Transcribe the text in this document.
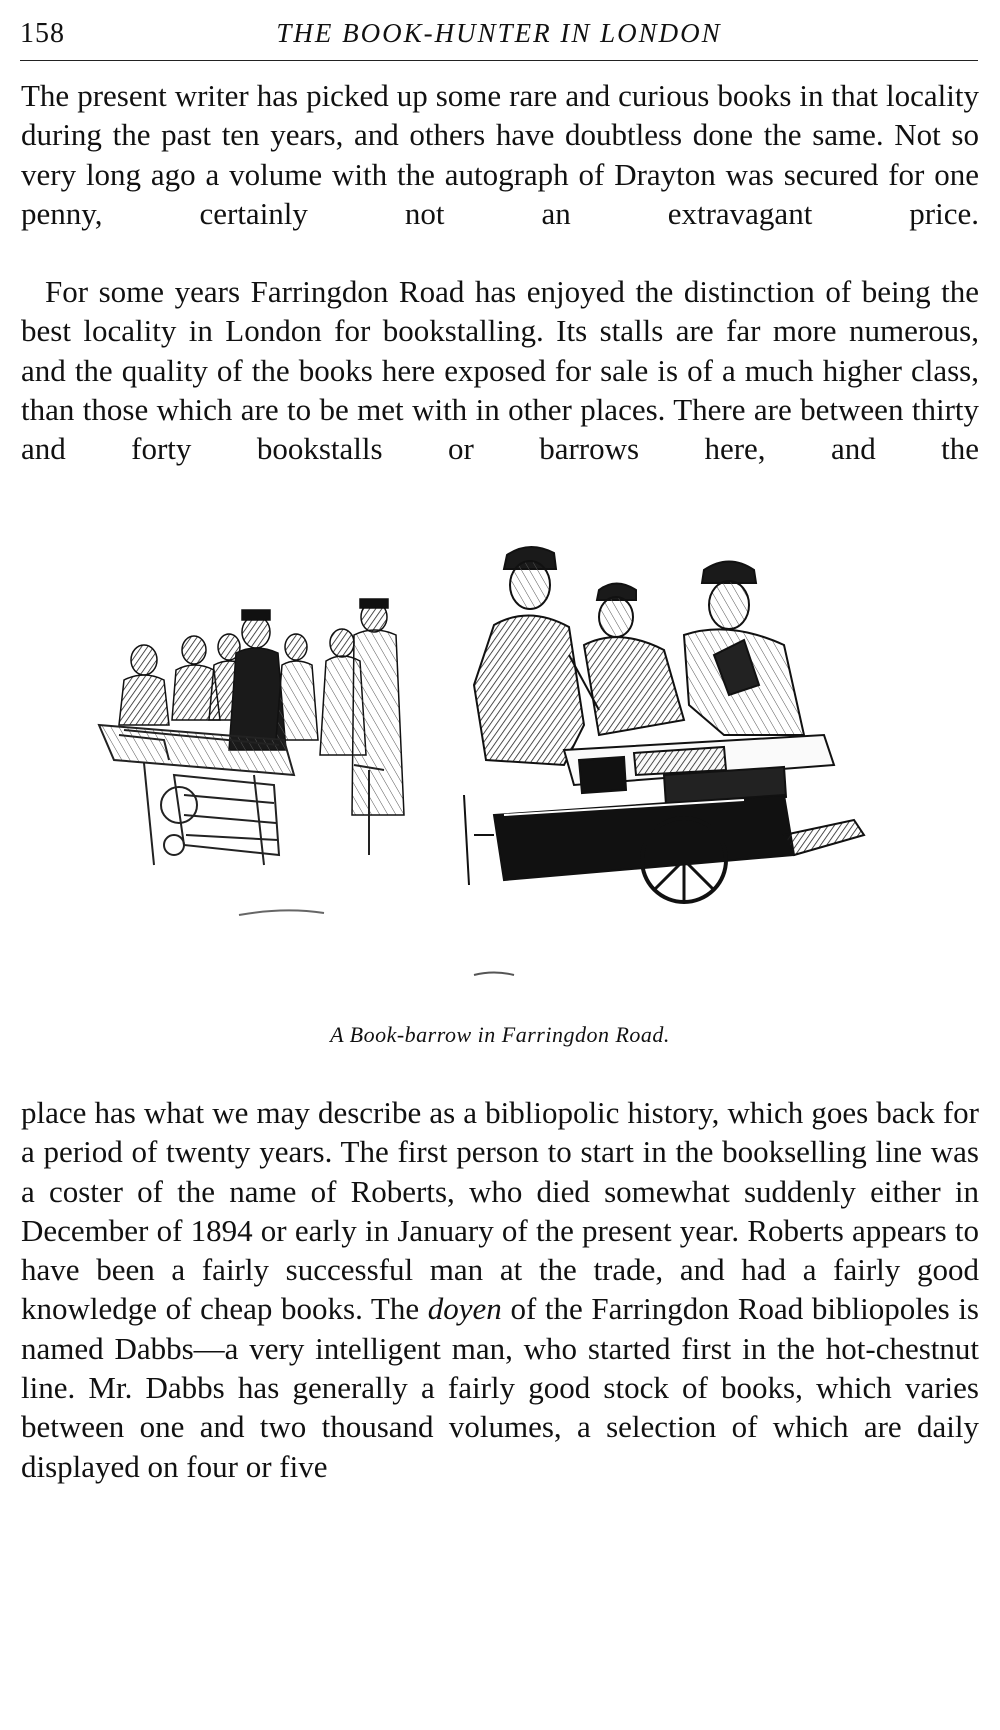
158	THE BOOK-HUNTER IN LONDON

The present writer has picked up some rare and curious books in that locality during the past ten years, and others have doubtless done the same. Not so very long ago a volume with the autograph of Drayton was secured for one penny, certainly not an extravagant price.

For some years Farringdon Road has enjoyed the distinction of being the best locality in London for bookstalling. Its stalls are far more numerous, and the quality of the books here exposed for sale is of a much higher class, than those which are to be met with in other places. There are between thirty and forty bookstalls or barrows here, and the

A Book-barrow in Farringdon Road.

place has what we may describe as a bibliopolic history, which goes back for a period of twenty years. The first person to start in the bookselling line was a coster of the name of Roberts, who died somewhat suddenly either in December of 1894 or early in January of the present year. Roberts appears to have been a fairly successful man at the trade, and had a fairly good knowledge of cheap books. The doyen of the Farringdon Road bibliopoles is named Dabbs—a very intelligent man, who started first in the hot-chestnut line. Mr. Dabbs has generally a fairly good stock of books, which varies between one and two thousand volumes, a selection of which are daily displayed on four or five
